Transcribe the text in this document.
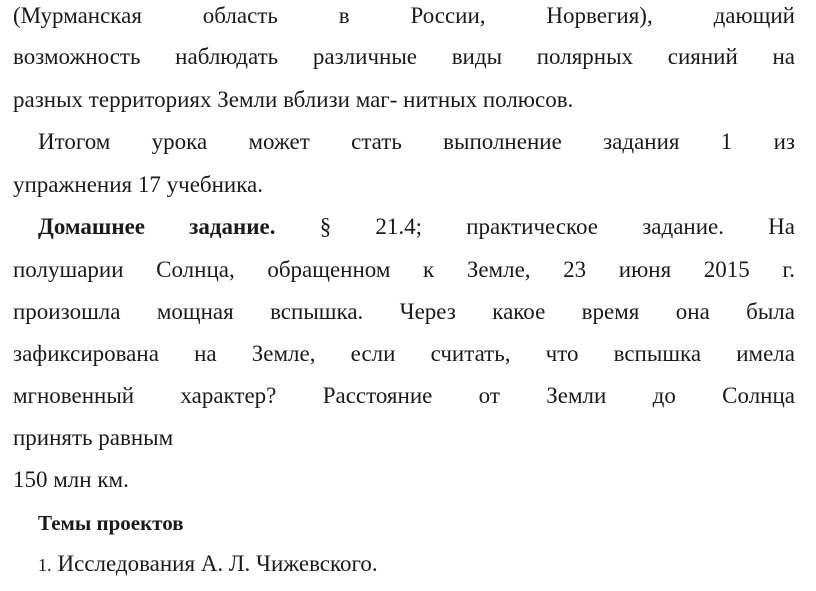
(Мурманская область в России, Норвегия), дающий
возможность наблюдать различные виды полярных сияний на
разных территориях Земли вблизи маг- нитных полюсов.
Итогом урока может стать выполнение задания 1 из
упражнения 17 учебника.
Домашнее задание. § 21.4; практическое задание. На
полушарии Солнца, обращенном к Земле, 23 июня 2015 г.
произошла мощная вспышка. Через какое время она была
зафиксирована на Земле, если считать, что вспышка имела
мгновенный характер? Расстояние от Земли до Солнца
принять равным
150 млн км.
Темы проектов
1. Исследования А. Л. Чижевского.
